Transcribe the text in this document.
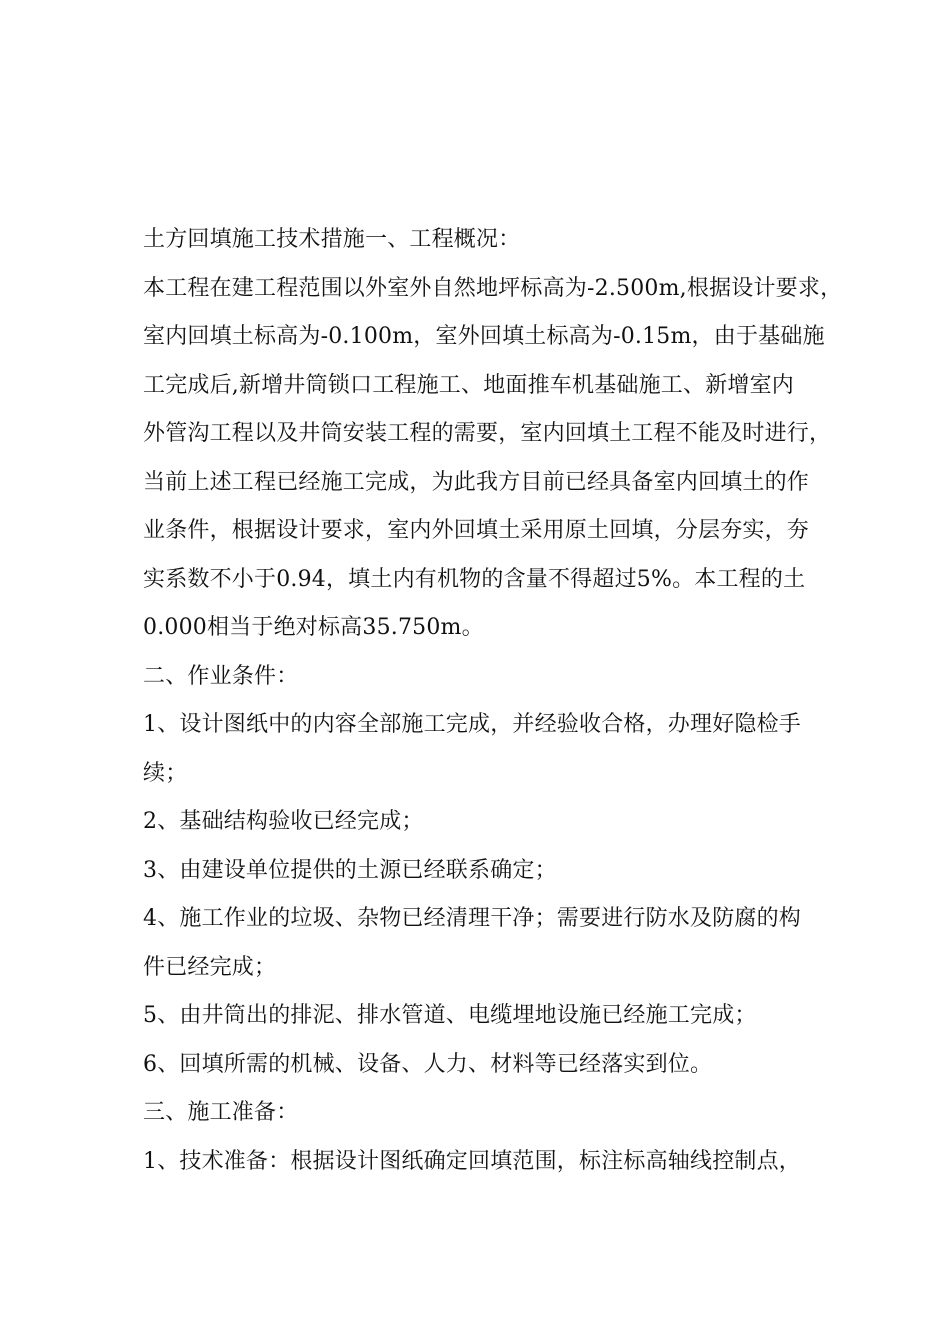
土方回填施工技术措施一、工程概况：
本工程在建工程范围以外室外自然地坪标高为-2.500m,根据设计要求，
室内回填土标高为-0.100m，室外回填土标高为-0.15m，由于基础施
工完成后,新增井筒锁口工程施工、地面推车机基础施工、新增室内
外管沟工程以及井筒安装工程的需要，室内回填土工程不能及时进行，
当前上述工程已经施工完成，为此我方目前已经具备室内回填土的作
业条件，根据设计要求，室内外回填土采用原土回填，分层夯实，夯
实系数不小于0.94，填土内有机物的含量不得超过5%。本工程的土
0.000相当于绝对标高35.750m。
二、作业条件：
1、设计图纸中的内容全部施工完成，并经验收合格，办理好隐检手
续；
2、基础结构验收已经完成；
3、由建设单位提供的土源已经联系确定；
4、施工作业的垃圾、杂物已经清理干净；需要进行防水及防腐的构
件已经完成；
5、由井筒出的排泥、排水管道、电缆埋地设施已经施工完成；
6、回填所需的机械、设备、人力、材料等已经落实到位。
三、施工准备：
1、技术准备：根据设计图纸确定回填范围，标注标高轴线控制点，
